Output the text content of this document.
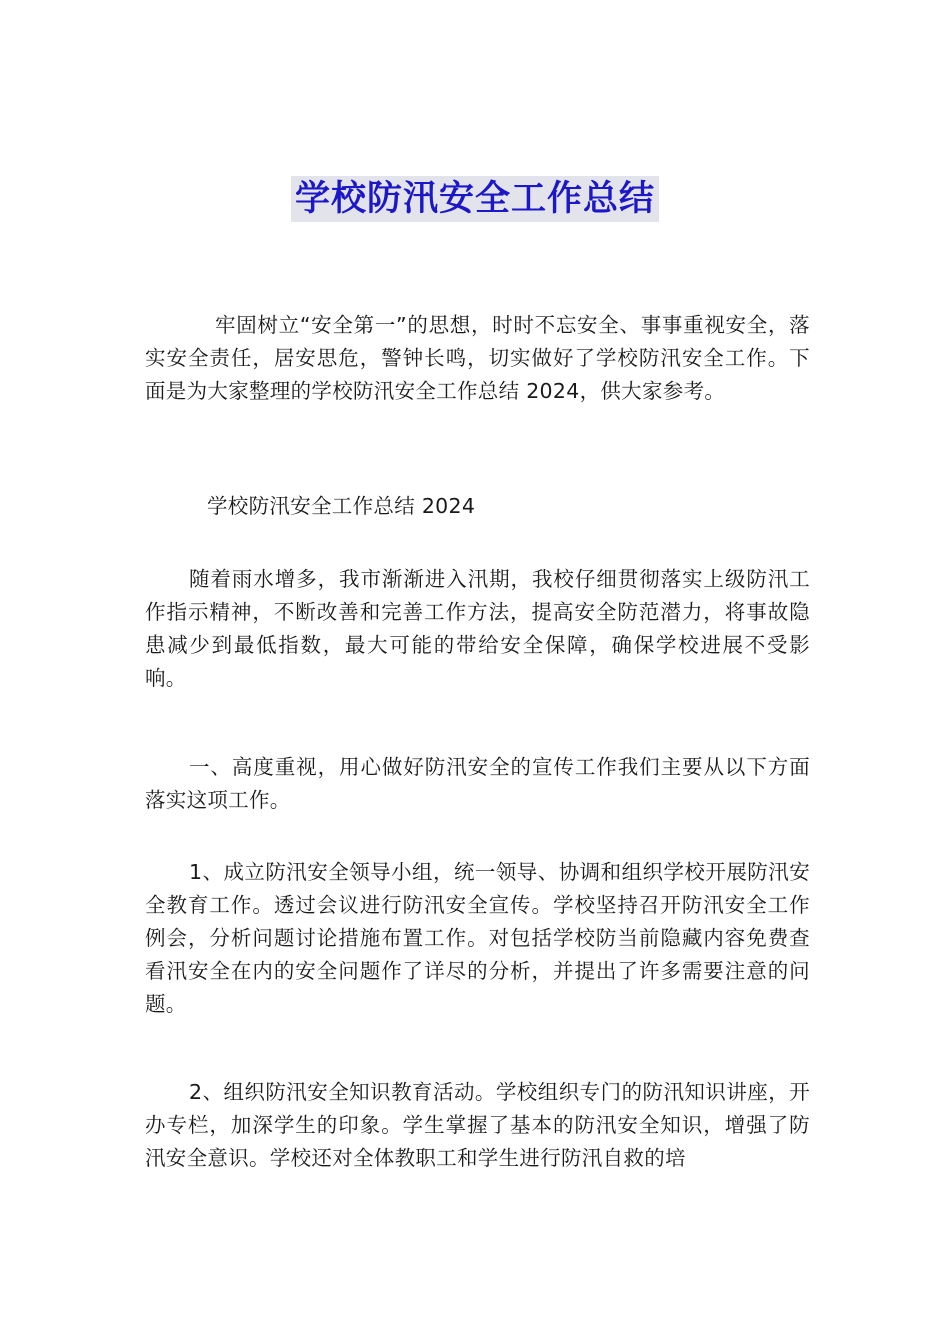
学校防汛安全工作总结

牢固树立“安全第一”的思想，时时不忘安全、事事重视安全，落实安全责任，居安思危，警钟长鸣，切实做好了学校防汛安全工作。下面是为大家整理的学校防汛安全工作总结 2024，供大家参考。

学校防汛安全工作总结 2024

随着雨水增多，我市渐渐进入汛期，我校仔细贯彻落实上级防汛工作指示精神，不断改善和完善工作方法，提高安全防范潜力，将事故隐患减少到最低指数，最大可能的带给安全保障，确保学校进展不受影响。

一、高度重视，用心做好防汛安全的宣传工作我们主要从以下方面落实这项工作。

1、成立防汛安全领导小组，统一领导、协调和组织学校开展防汛安全教育工作。透过会议进行防汛安全宣传。学校坚持召开防汛安全工作例会，分析问题讨论措施布置工作。对包括学校防当前隐藏内容免费查看汛安全在内的安全问题作了详尽的分析，并提出了许多需要注意的问题。

2、组织防汛安全知识教育活动。学校组织专门的防汛知识讲座，开办专栏，加深学生的印象。学生掌握了基本的防汛安全知识，增强了防汛安全意识。学校还对全体教职工和学生进行防汛自救的培
